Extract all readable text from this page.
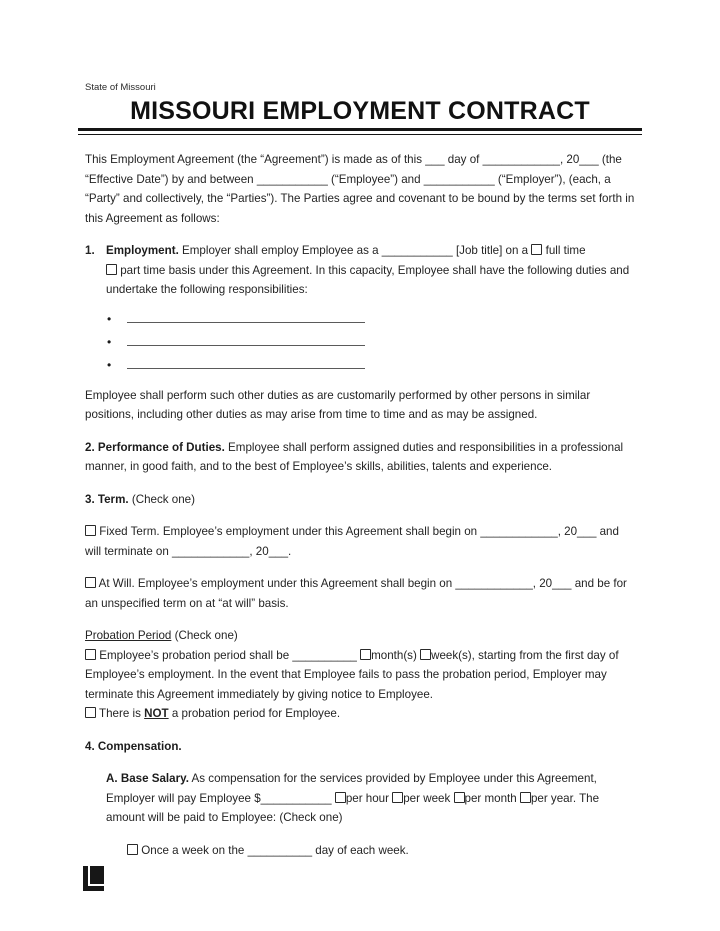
State of Missouri

MISSOURI EMPLOYMENT CONTRACT

This Employment Agreement (the “Agreement”) is made as of this ___ day of ____________, 20___ (the “Effective Date”) by and between ___________ (“Employee”) and ___________ (“Employer”), (each, a “Party” and collectively, the “Parties”). The Parties agree and covenant to be bound by the terms set forth in this Agreement as follows:

1. Employment. Employer shall employ Employee as a ___________ [Job title] on a full time
part time basis under this Agreement. In this capacity, Employee shall have the following duties and undertake the following responsibilities:

•
•
•

Employee shall perform such other duties as are customarily performed by other persons in similar positions, including other duties as may arise from time to time and as may be assigned.

2. Performance of Duties. Employee shall perform assigned duties and responsibilities in a professional manner, in good faith, and to the best of Employee’s skills, abilities, talents and experience.

3. Term. (Check one)

Fixed Term. Employee’s employment under this Agreement shall begin on ____________, 20___ and will terminate on ____________, 20___.

At Will. Employee’s employment under this Agreement shall begin on ____________, 20___ and be for an unspecified term on at “at will” basis.

Probation Period (Check one)
Employee’s probation period shall be __________ month(s) week(s), starting from the first day of Employee’s employment. In the event that Employee fails to pass the probation period, Employer may terminate this Agreement immediately by giving notice to Employee.
There is NOT a probation period for Employee.

4. Compensation.

A. Base Salary. As compensation for the services provided by Employee under this Agreement, Employer will pay Employee $___________ per hour per week per month per year. The amount will be paid to Employee: (Check one)

Once a week on the __________ day of each week.
